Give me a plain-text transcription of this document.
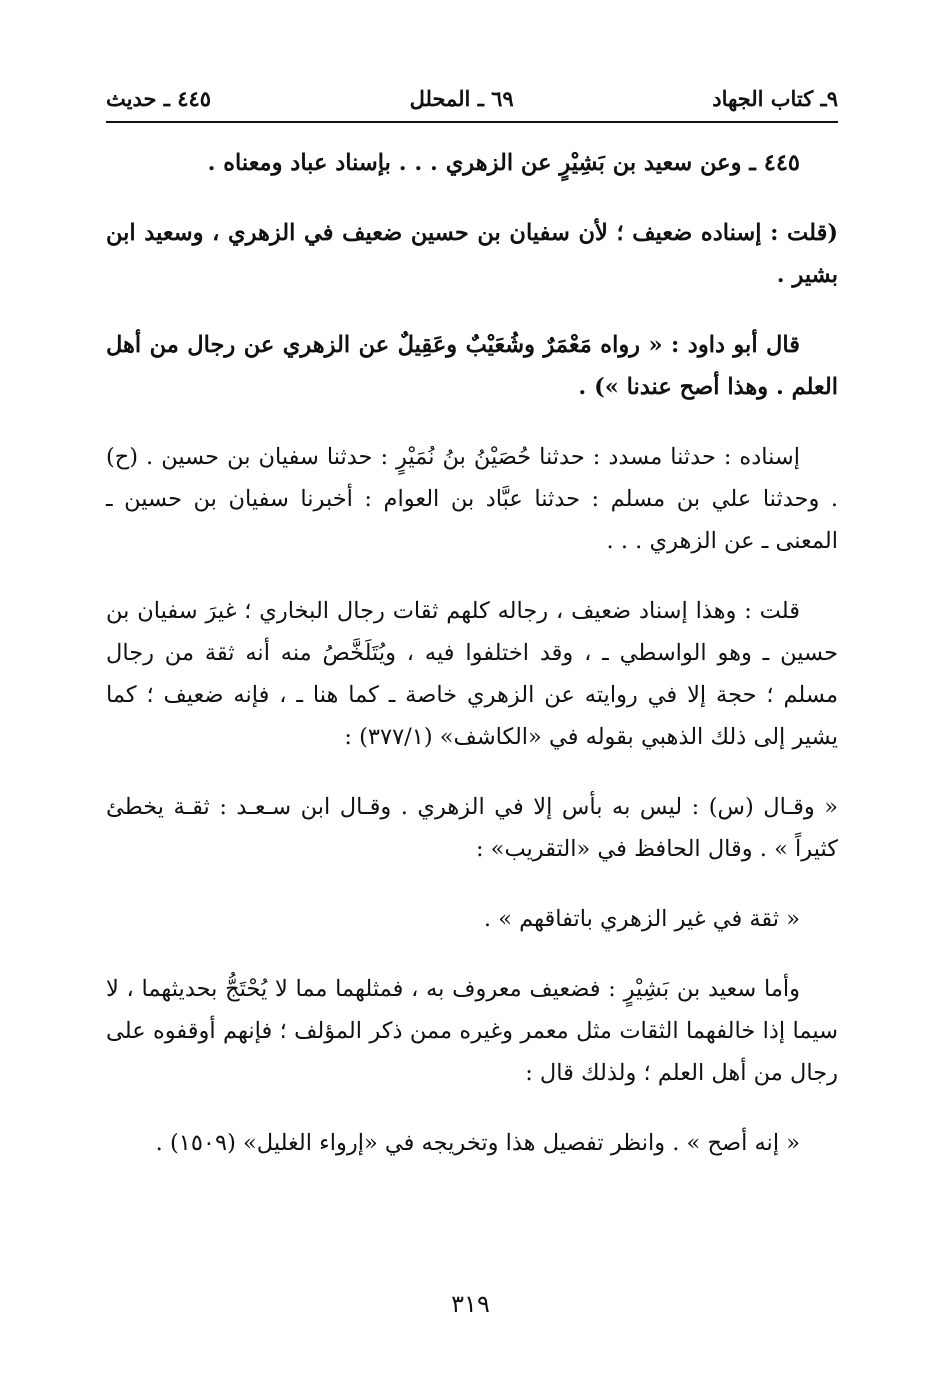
٩ـ كتاب الجهاد
٦٩ ـ المحلل
٤٤٥ ـ حديث

٤٤٥ ـ وعن سعيد بن بَشِيْرٍ عن الزهري . . . بإسناد عباد ومعناه .

(قلت : إسناده ضعيف ؛ لأن سفيان بن حسين ضعيف في الزهري ، وسعيد ابن بشير .

قال أبو داود : « رواه مَعْمَرٌ وشُعَيْبٌ وعَقِيلٌ عن الزهري عن رجال من أهل العلم . وهذا أصح عندنا ») .

إسناده : حدثنا مسدد : حدثنا حُصَيْنُ بنُ نُمَيْرٍ : حدثنا سفيان بن حسين . (ح) . وحدثنا علي بن مسلم : حدثنا عبَّاد بن العوام : أخبرنا سفيان بن حسين ـ المعنى ـ عن الزهري . . .

قلت : وهذا إسناد ضعيف ، رجاله كلهم ثقات رجال البخاري ؛ غيرَ سفيان بن حسين ـ وهو الواسطي ـ ، وقد اختلفوا فيه ، ويُتَلَخَّصُ منه أنه ثقة من رجال مسلم ؛ حجة إلا في روايته عن الزهري خاصة ـ كما هنا ـ ، فإنه ضعيف ؛ كما يشير إلى ذلك الذهبي بقوله في «الكاشف» (٣٧٧/١) :

« وقـال (س) : ليس به بأس إلا في الزهري . وقـال ابن سـعـد : ثقـة يخطئ كثيراً » . وقال الحافظ في «التقريب» :

« ثقة في غير الزهري باتفاقهم » .

وأما سعيد بن بَشِيْرٍ : فضعيف معروف به ، فمثلهما مما لا يُحْتَجُّ بحديثهما ، لا سيما إذا خالفهما الثقات مثل معمر وغيره ممن ذكر المؤلف ؛ فإنهم أوقفوه على رجال من أهل العلم ؛ ولذلك قال :

« إنه أصح » . وانظر تفصيل هذا وتخريجه في «إرواء الغليل» (١٥٠٩) .

٣١٩
